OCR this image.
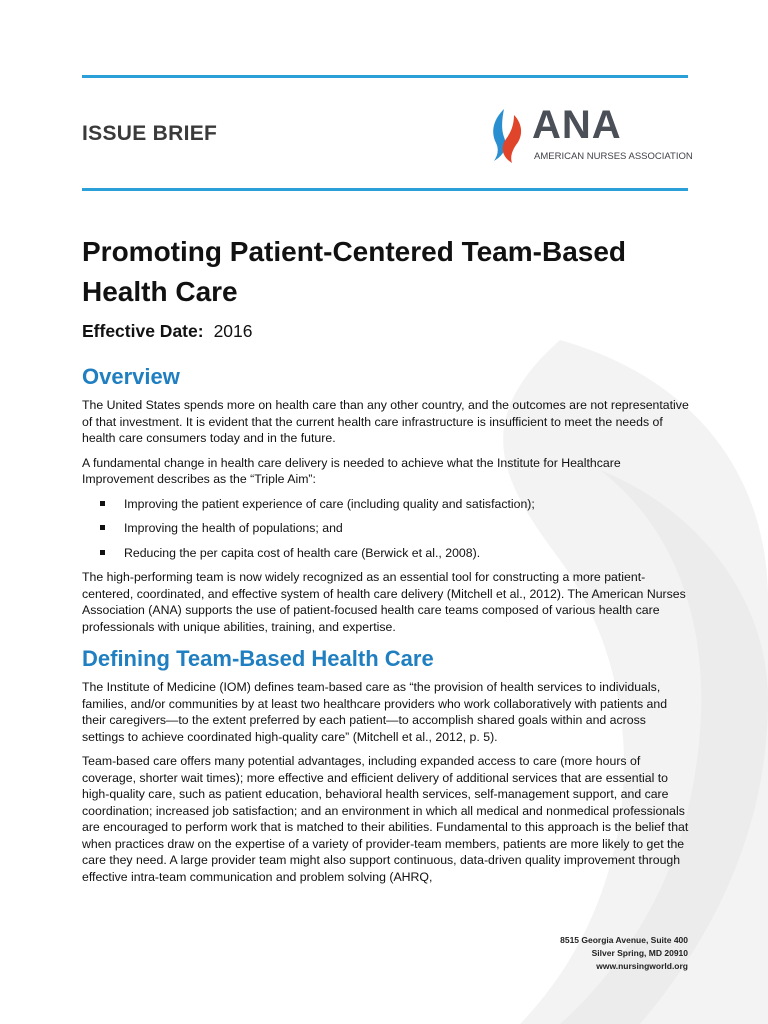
ISSUE BRIEF	ANA
AMERICAN NURSES ASSOCIATION
Promoting Patient-Centered Team-Based Health Care
Effective Date: 2016
Overview

The United States spends more on health care than any other country, and the outcomes are not representative of that investment. It is evident that the current health care infrastructure is insufficient to meet the needs of health care consumers today and in the future.

A fundamental change in health care delivery is needed to achieve what the Institute for Healthcare Improvement describes as the “Triple Aim”:

Improving the patient experience of care (including quality and satisfaction);
Improving the health of populations; and
Reducing the per capita cost of health care (Berwick et al., 2008).

The high-performing team is now widely recognized as an essential tool for constructing a more patient-centered, coordinated, and effective system of health care delivery (Mitchell et al., 2012). The American Nurses Association (ANA) supports the use of patient-focused health care teams composed of various health care professionals with unique abilities, training, and expertise.

Defining Team-Based Health Care

The Institute of Medicine (IOM) defines team-based care as “the provision of health services to individuals, families, and/or communities by at least two healthcare providers who work collaboratively with patients and their caregivers—to the extent preferred by each patient—to accomplish shared goals within and across settings to achieve coordinated high-quality care” (Mitchell et al., 2012, p. 5).

Team-based care offers many potential advantages, including expanded access to care (more hours of coverage, shorter wait times); more effective and efficient delivery of additional services that are essential to high-quality care, such as patient education, behavioral health services, self-management support, and care coordination; increased job satisfaction; and an environment in which all medical and nonmedical professionals are encouraged to perform work that is matched to their abilities. Fundamental to this approach is the belief that when practices draw on the expertise of a variety of provider-team members, patients are more likely to get the care they need. A large provider team might also support continuous, data-driven quality improvement through effective intra-team communication and problem solving (AHRQ,

8515 Georgia Avenue, Suite 400
Silver Spring, MD 20910
www.nursingworld.org
